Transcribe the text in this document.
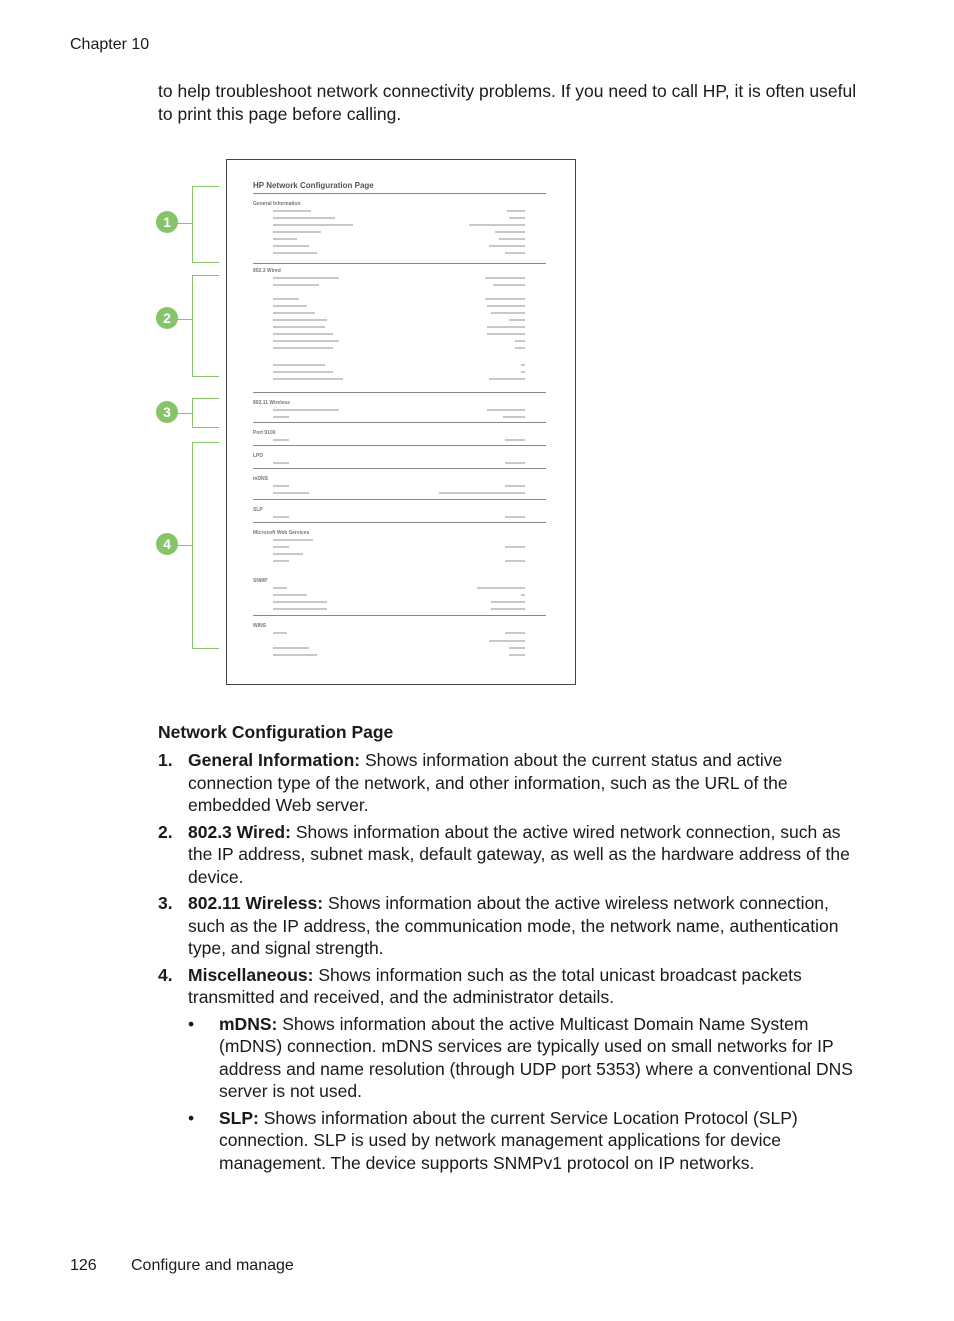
Chapter 10
to help troubleshoot network connectivity problems. If you need to call HP, it is often useful to print this page before calling.
1
2
3
4
HP Network Configuration Page
General Information
802.3 Wired
802.11 Wireless
Port 9100
LPD
mDNS
SLP
Microsoft Web Services
SNMP
WINS
Network Configuration Page
1. General Information: Shows information about the current status and active connection type of the network, and other information, such as the URL of the embedded Web server.
2. 802.3 Wired: Shows information about the active wired network connection, such as the IP address, subnet mask, default gateway, as well as the hardware address of the device.
3. 802.11 Wireless: Shows information about the active wireless network connection, such as the IP address, the communication mode, the network name, authentication type, and signal strength.
4. Miscellaneous: Shows information such as the total unicast broadcast packets transmitted and received, and the administrator details.
• mDNS: Shows information about the active Multicast Domain Name System (mDNS) connection. mDNS services are typically used on small networks for IP address and name resolution (through UDP port 5353) where a conventional DNS server is not used.
• SLP: Shows information about the current Service Location Protocol (SLP) connection. SLP is used by network management applications for device management. The device supports SNMPv1 protocol on IP networks.
126 Configure and manage
